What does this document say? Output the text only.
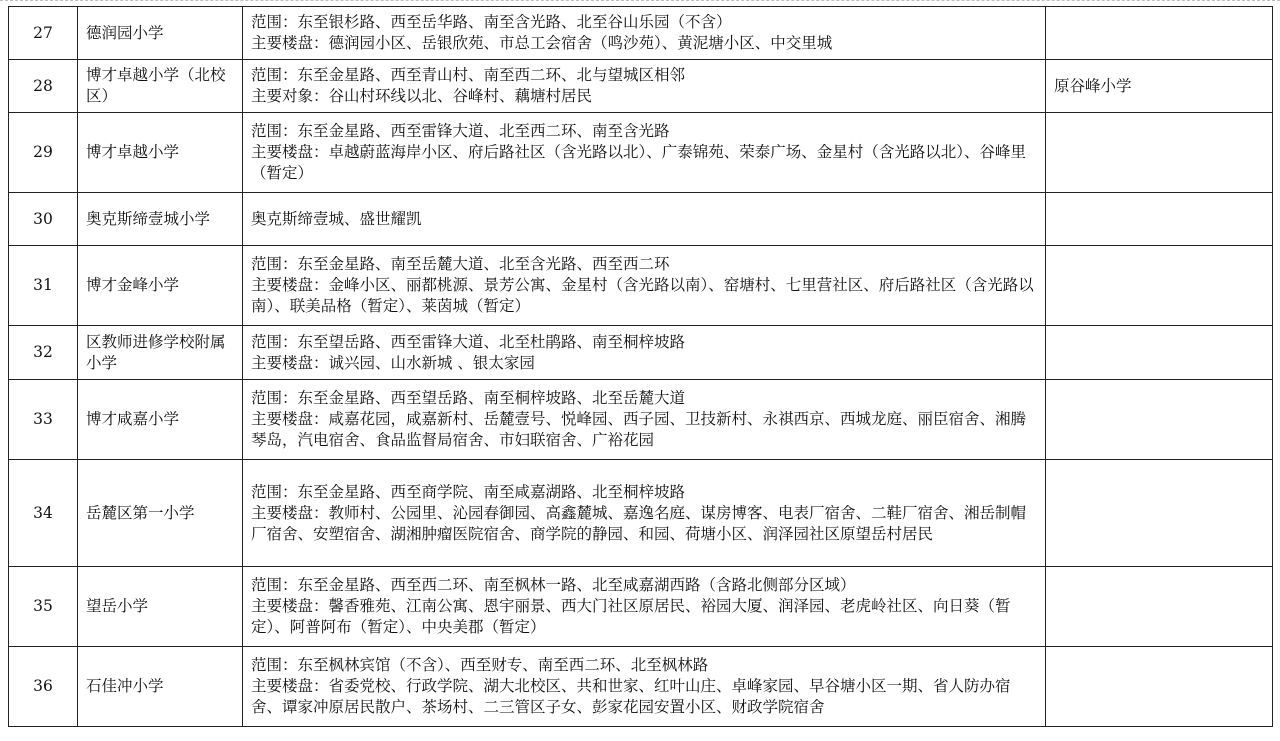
27	德润园小学	范围：东至银杉路、西至岳华路、南至含光路、北至谷山乐园（不含）
主要楼盘：德润园小区、岳银欣苑、市总工会宿舍（鸣沙苑）、黄泥塘小区、中交里城	

28	博才卓越小学（北校区）	范围：东至金星路、西至青山村、南至西二环、北与望城区相邻
主要对象：谷山村环线以北、谷峰村、藕塘村居民	原谷峰小学
29	博才卓越小学	范围：东至金星路、西至雷锋大道、北至西二环、南至含光路
主要楼盘：卓越蔚蓝海岸小区、府后路社区（含光路以北）、广泰锦苑、荣泰广场、金星村（含光路以北）、谷峰里（暂定）	

30	奥克斯缔壹城小学	奥克斯缔壹城、盛世耀凯	

31	博才金峰小学	范围：东至金星路、南至岳麓大道、北至含光路、西至西二环
主要楼盘：金峰小区、丽都桃源、景芳公寓、金星村（含光路以南）、窑塘村、七里营社区、府后路社区（含光路以南）、联美品格（暂定）、莱茵城（暂定）	

32	区教师进修学校附属小学	范围：东至望岳路、西至雷锋大道、北至杜鹃路、南至桐梓坡路
主要楼盘：诚兴园、山水新城 、银太家园	

33	博才咸嘉小学	范围：东至金星路、西至望岳路、南至桐梓坡路、北至岳麓大道
主要楼盘：咸嘉花园，咸嘉新村、岳麓壹号、悦峰园、西子园、卫技新村、永祺西京、西城龙庭、丽臣宿舍、湘腾琴岛，汽电宿舍、食品监督局宿舍、市妇联宿舍、广裕花园	

34	岳麓区第一小学	范围：东至金星路、西至商学院、南至咸嘉湖路、北至桐梓坡路
主要楼盘：教师村、公园里、沁园春御园、高鑫麓城、嘉逸名庭、谋房博客、电表厂宿舍、二鞋厂宿舍、湘岳制帽厂宿舍、安塑宿舍、湖湘肿瘤医院宿舍、商学院的静园、和园、荷塘小区、润泽园社区原望岳村居民	

35	望岳小学	范围：东至金星路、西至西二环、南至枫林一路、北至咸嘉湖西路（含路北侧部分区域）
主要楼盘：馨香雅苑、江南公寓、恩宇丽景、西大门社区原居民、裕园大厦、润泽园、老虎岭社区、向日葵（暂定）、阿普阿布（暂定）、中央美郡（暂定）	

36	石佳冲小学	范围：东至枫林宾馆（不含）、西至财专、南至西二环、北至枫林路
主要楼盘：省委党校、行政学院、湖大北校区、共和世家、红叶山庄、卓峰家园、早谷塘小区一期、省人防办宿舍、谭家冲原居民散户、茶场村、二三管区子女、彭家花园安置小区、财政学院宿舍	
